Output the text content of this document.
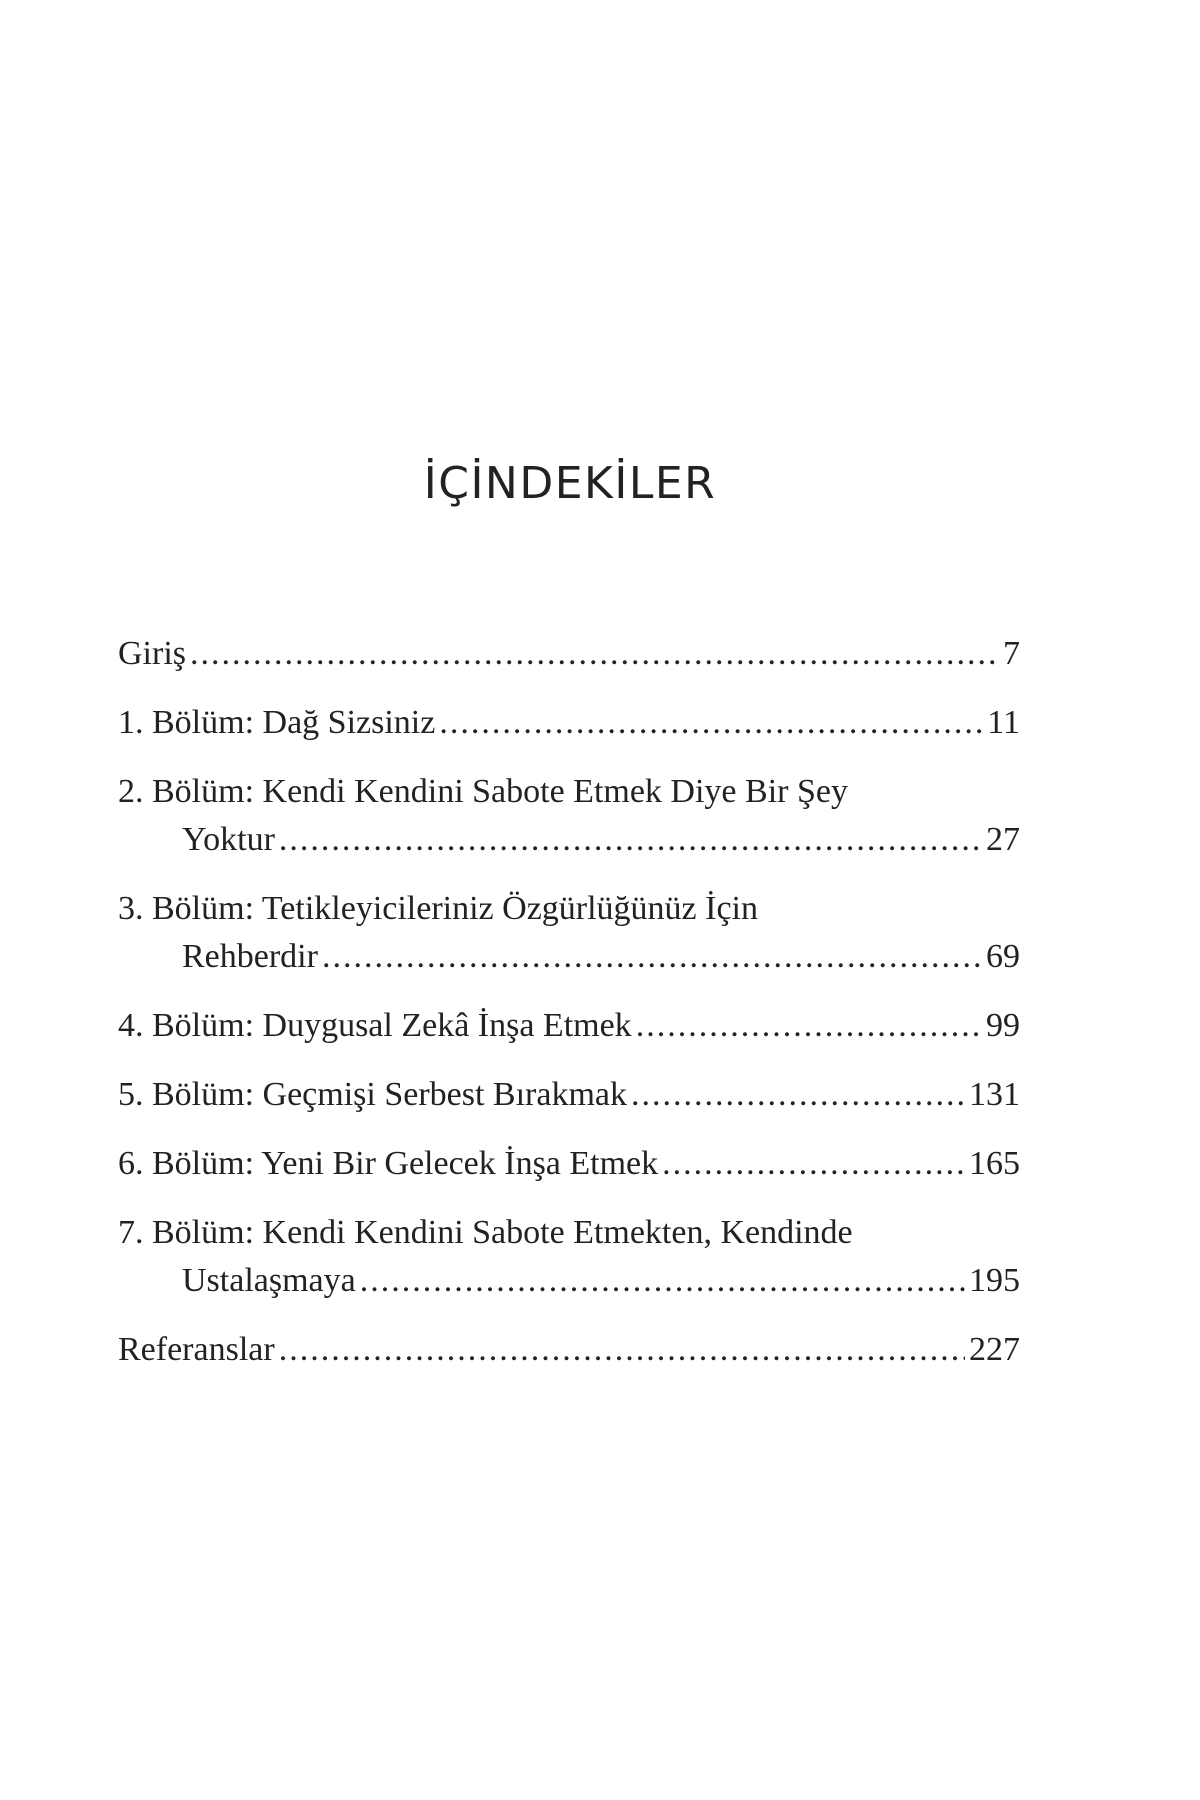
İÇİNDEKİLER
Giriş .....	7
1. Bölüm: Dağ Sizsiniz .....	11
2. Bölüm: Kendi Kendini Sabote Etmek Diye Bir Şey
Yoktur .....	27
3. Bölüm: Tetikleyicileriniz Özgürlüğünüz İçin
Rehberdir .....	69
4. Bölüm: Duygusal Zekâ İnşa Etmek .....	99
5. Bölüm: Geçmişi Serbest Bırakmak .....	131
6. Bölüm: Yeni Bir Gelecek İnşa Etmek .....	165
7. Bölüm: Kendi Kendini Sabote Etmekten, Kendinde
Ustalaşmaya .....	195
Referanslar .....	227
